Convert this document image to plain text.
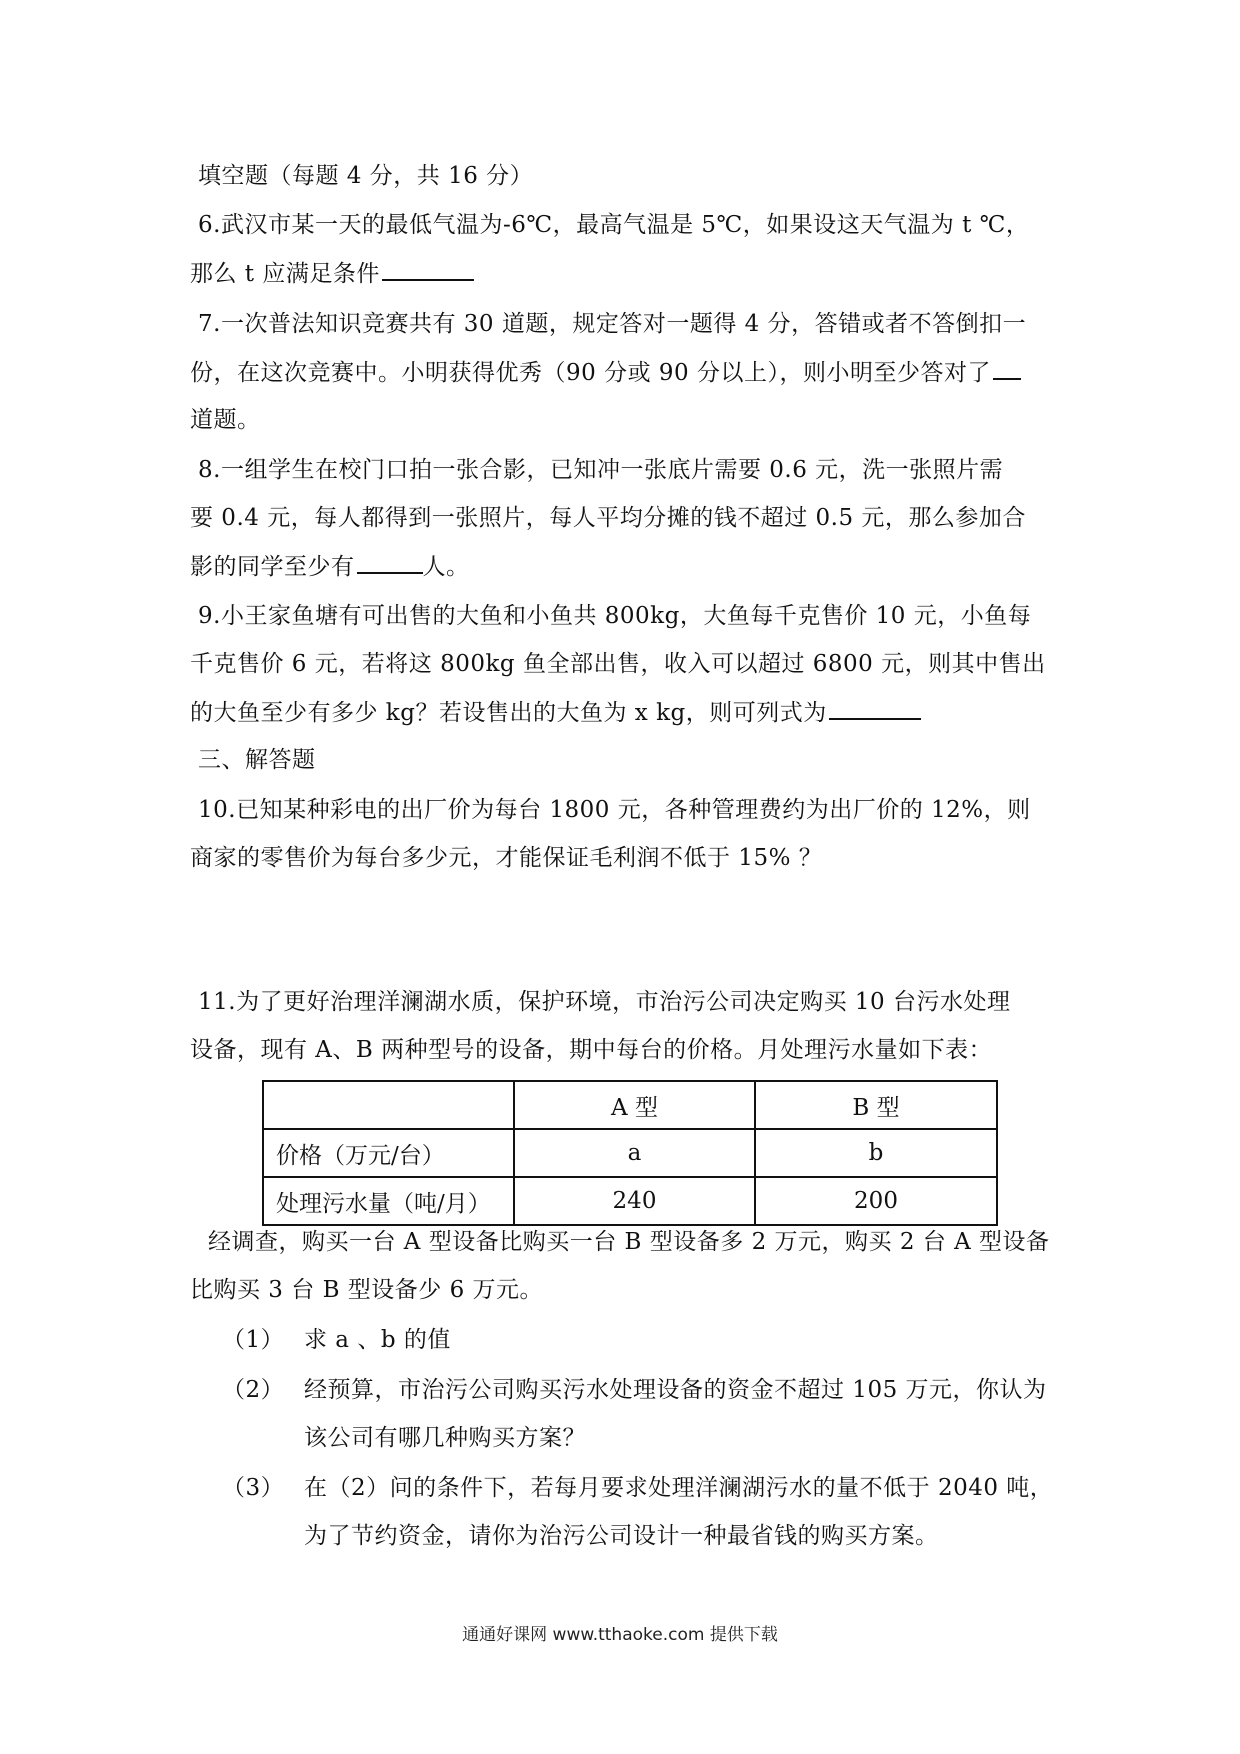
填空题（每题 4 分，共 16 分）
6.武汉市某一天的最低气温为-6℃，最高气温是 5℃，如果设这天气温为 t ℃，
那么 t 应满足条件
7.一次普法知识竞赛共有 30 道题，规定答对一题得 4 分，答错或者不答倒扣一
份，在这次竞赛中。小明获得优秀（90 分或 90 分以上），则小明至少答对了
道题。
8.一组学生在校门口拍一张合影，已知冲一张底片需要 0.6 元，洗一张照片需
要 0.4 元，每人都得到一张照片，每人平均分摊的钱不超过 0.5 元，那么参加合
影的同学至少有	人。
9.小王家鱼塘有可出售的大鱼和小鱼共 800kg，大鱼每千克售价 10 元，小鱼每
千克售价 6 元，若将这 800kg 鱼全部出售，收入可以超过 6800 元，则其中售出
的大鱼至少有多少 kg？若设售出的大鱼为 x kg，则可列式为
三、解答题
10.已知某种彩电的出厂价为每台 1800 元，各种管理费约为出厂价的 12%，则
商家的零售价为每台多少元，才能保证毛利润不低于 15% ？
11.为了更好治理洋澜湖水质，保护环境，市治污公司决定购买 10 台污水处理
设备，现有 A、B 两种型号的设备，期中每台的价格。月处理污水量如下表：
	A 型	B 型
价格（万元/台）	a	b
处理污水量（吨/月）	240	200
经调查，购买一台 A 型设备比购买一台 B 型设备多 2 万元，购买 2 台 A 型设备
比购买 3 台 B 型设备少 6 万元。
（1） 求 a 、b 的值
（2） 经预算，市治污公司购买污水处理设备的资金不超过 105 万元，你认为
该公司有哪几种购买方案？
（3） 在（2）问的条件下，若每月要求处理洋澜湖污水的量不低于 2040 吨，
为了节约资金，请你为治污公司设计一种最省钱的购买方案。
通通好课网 www.tthaoke.com 提供下载
